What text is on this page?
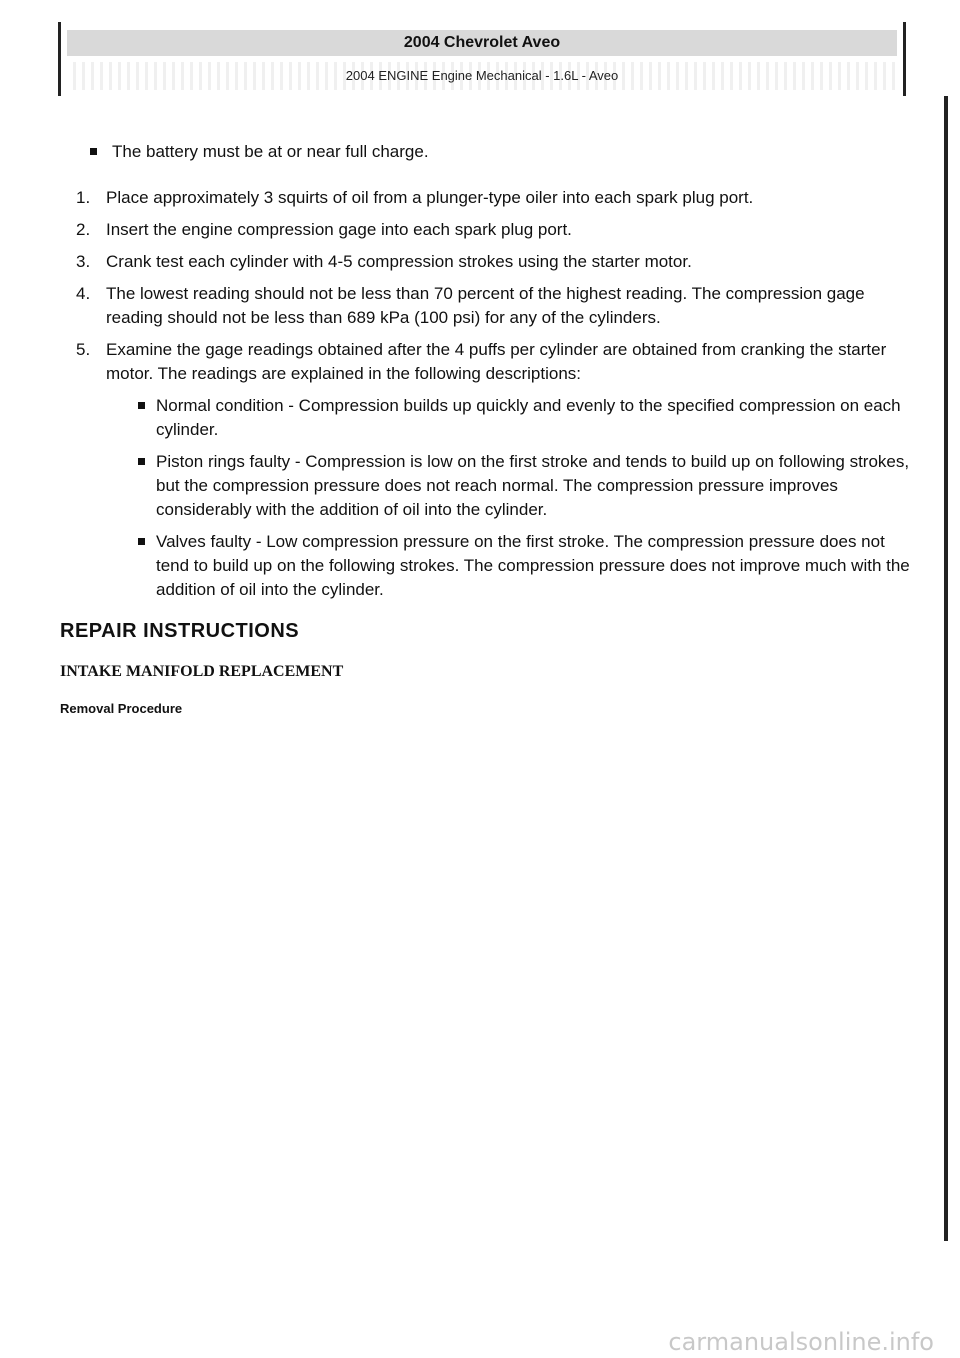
2004 Chevrolet Aveo
2004 ENGINE Engine Mechanical - 1.6L - Aveo
The battery must be at or near full charge.
1. Place approximately 3 squirts of oil from a plunger-type oiler into each spark plug port.
2. Insert the engine compression gage into each spark plug port.
3. Crank test each cylinder with 4-5 compression strokes using the starter motor.
4. The lowest reading should not be less than 70 percent of the highest reading. The compression gage reading should not be less than 689 kPa (100 psi) for any of the cylinders.
5. Examine the gage readings obtained after the 4 puffs per cylinder are obtained from cranking the starter motor. The readings are explained in the following descriptions:
Normal condition - Compression builds up quickly and evenly to the specified compression on each cylinder.
Piston rings faulty - Compression is low on the first stroke and tends to build up on following strokes, but the compression pressure does not reach normal. The compression pressure improves considerably with the addition of oil into the cylinder.
Valves faulty - Low compression pressure on the first stroke. The compression pressure does not tend to build up on the following strokes. The compression pressure does not improve much with the addition of oil into the cylinder.
REPAIR INSTRUCTIONS
INTAKE MANIFOLD REPLACEMENT
Removal Procedure
carmanualsonline.info
